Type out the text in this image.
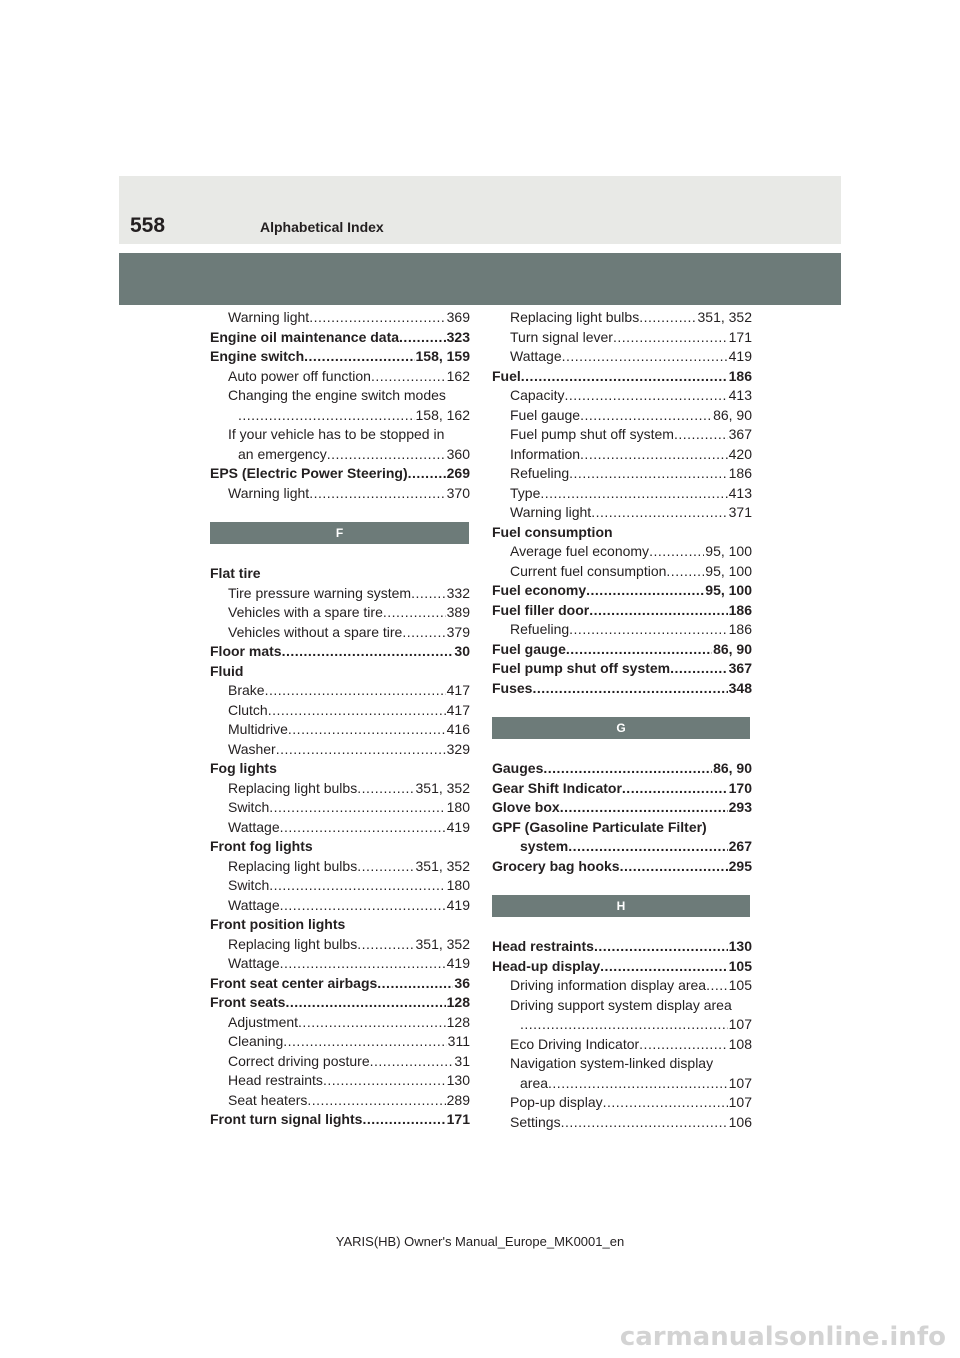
558	Alphabetical Index
Warning light .....	369
Engine oil maintenance data .....	323
Engine switch .....	158, 159
Auto power off function .....	162
Changing the engine switch modes
.....
158, 162
If your vehicle has to be stopped in
an emergency .....	360
EPS (Electric Power Steering) .....	269
Warning light .....	370
F
Flat tire
Tire pressure warning system .....	332
Vehicles with a spare tire .....	389
Vehicles without a spare tire .....	379
Floor mats .....	30
Fluid
Brake .....	417
Clutch .....	417
Multidrive .....	416
Washer .....	329
Fog lights
Replacing light bulbs .....	351, 352
Switch .....	180
Wattage .....	419
Front fog lights
Replacing light bulbs .....	351, 352
Switch .....	180
Wattage .....	419
Front position lights
Replacing light bulbs .....	351, 352
Wattage .....	419
Front seat center airbags .....	36
Front seats .....	128
Adjustment .....	128
Cleaning .....	311
Correct driving posture .....	31
Head restraints .....	130
Seat heaters .....	289
Front turn signal lights .....	171
Replacing light bulbs .....	351, 352
Turn signal lever .....	171
Wattage .....	419
Fuel .....	186
Capacity .....	413
Fuel gauge .....	86, 90
Fuel pump shut off system .....	367
Information .....	420
Refueling .....	186
Type .....	413
Warning light .....	371
Fuel consumption
Average fuel economy .....	95, 100
Current fuel consumption .....	95, 100
Fuel economy .....	95, 100
Fuel filler door .....	186
Refueling .....	186
Fuel gauge .....	86, 90
Fuel pump shut off system .....	367
Fuses .....	348
G
Gauges .....	86, 90
Gear Shift Indicator .....	170
Glove box .....	293
GPF (Gasoline Particulate Filter)
system .....	267
Grocery bag hooks .....	295
H
Head restraints .....	130
Head-up display .....	105
Driving information display area ..... 105
Driving support system display area
.....
107
Eco Driving Indicator .....	108
Navigation system-linked display
area .....	107
Pop-up display .....	107
Settings .....	106
YARIS(HB) Owner's Manual_Europe_MK0001_en
carmanualsonline.info
